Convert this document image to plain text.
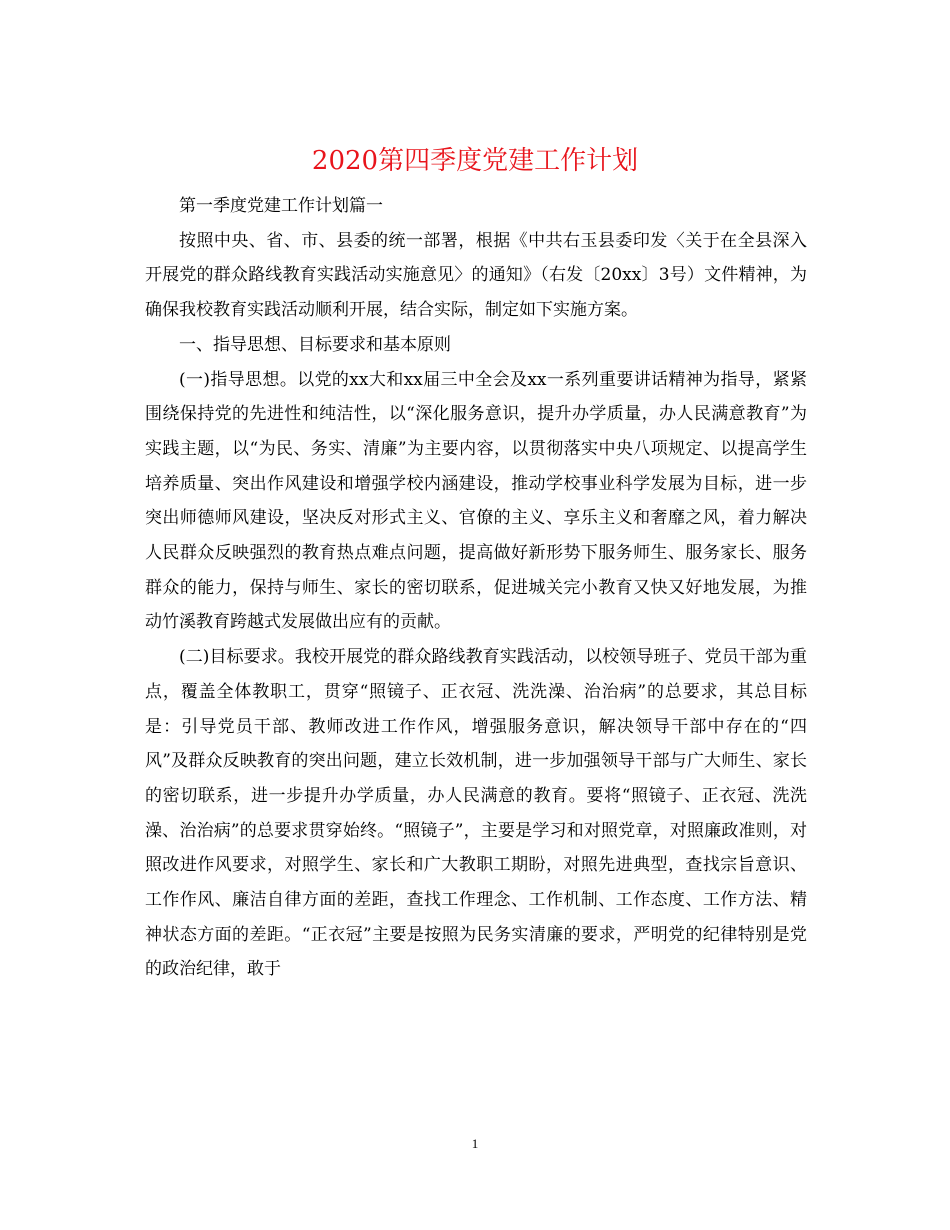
2020第四季度党建工作计划

第一季度党建工作计划篇一

按照中央、省、市、县委的统一部署，根据《中共右玉县委印发〈关于在全县深入开展党的群众路线教育实践活动实施意见〉的通知》（右发〔20xx〕3号）文件精神，为确保我校教育实践活动顺利开展，结合实际，制定如下实施方案。

一、指导思想、目标要求和基本原则

(一)指导思想。以党的xx大和xx届三中全会及xx一系列重要讲话精神为指导，紧紧围绕保持党的先进性和纯洁性，以“深化服务意识，提升办学质量，办人民满意教育”为实践主题，以“为民、务实、清廉”为主要内容，以贯彻落实中央八项规定、以提高学生培养质量、突出作风建设和增强学校内涵建设，推动学校事业科学发展为目标，进一步突出师德师风建设，坚决反对形式主义、官僚的主义、享乐主义和奢靡之风，着力解决人民群众反映强烈的教育热点难点问题，提高做好新形势下服务师生、服务家长、服务群众的能力，保持与师生、家长的密切联系，促进城关完小教育又快又好地发展，为推动竹溪教育跨越式发展做出应有的贡献。

(二)目标要求。我校开展党的群众路线教育实践活动，以校领导班子、党员干部为重点，覆盖全体教职工，贯穿“照镜子、正衣冠、洗洗澡、治治病”的总要求，其总目标是：引导党员干部、教师改进工作作风，增强服务意识，解决领导干部中存在的“四风”及群众反映教育的突出问题，建立长效机制，进一步加强领导干部与广大师生、家长的密切联系，进一步提升办学质量，办人民满意的教育。要将“照镜子、正衣冠、洗洗澡、治治病”的总要求贯穿始终。“照镜子”，主要是学习和对照党章，对照廉政准则，对照改进作风要求，对照学生、家长和广大教职工期盼，对照先进典型，查找宗旨意识、工作作风、廉洁自律方面的差距，查找工作理念、工作机制、工作态度、工作方法、精神状态方面的差距。“正衣冠”主要是按照为民务实清廉的要求，严明党的纪律特别是党的政治纪律，敢于

1
